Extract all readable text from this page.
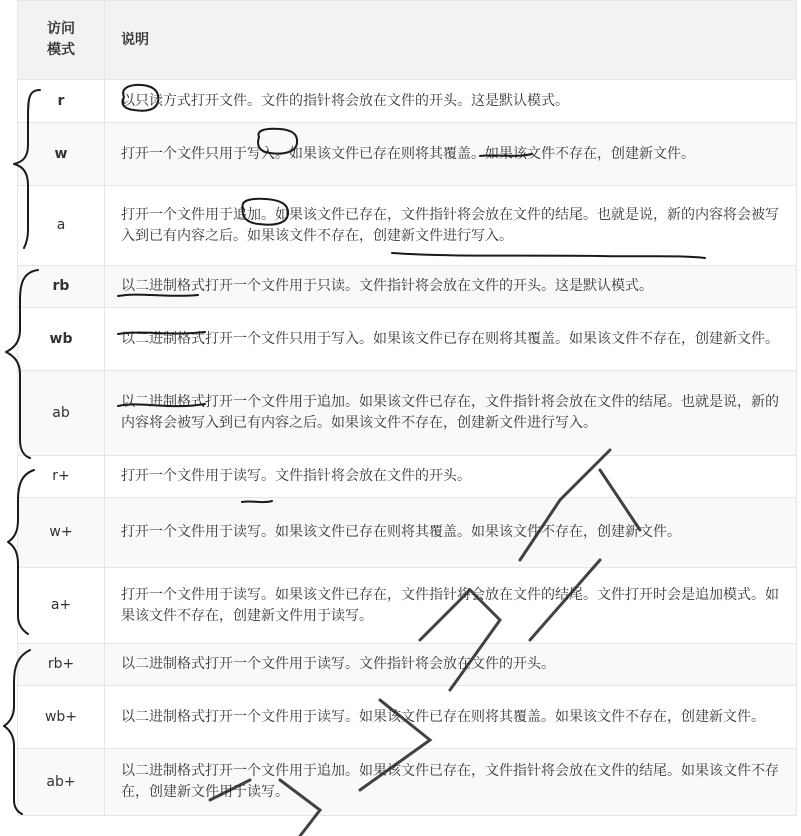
访问
模式	说明
r	以只读方式打开文件。文件的指针将会放在文件的开头。这是默认模式。
w	打开一个文件只用于写入。如果该文件已存在则将其覆盖。如果该文件不存在，创建新文件。
a	打开一个文件用于追加。如果该文件已存在，文件指针将会放在文件的结尾。也就是说，新的内容将会被写入到已有内容之后。如果该文件不存在，创建新文件进行写入。
rb	以二进制格式打开一个文件用于只读。文件指针将会放在文件的开头。这是默认模式。
wb	以二进制格式打开一个文件只用于写入。如果该文件已存在则将其覆盖。如果该文件不存在，创建新文件。
ab	以二进制格式打开一个文件用于追加。如果该文件已存在，文件指针将会放在文件的结尾。也就是说，新的内容将会被写入到已有内容之后。如果该文件不存在，创建新文件进行写入。
r+	打开一个文件用于读写。文件指针将会放在文件的开头。
w+	打开一个文件用于读写。如果该文件已存在则将其覆盖。如果该文件不存在，创建新文件。
a+	打开一个文件用于读写。如果该文件已存在，文件指针将会放在文件的结尾。文件打开时会是追加模式。如果该文件不存在，创建新文件用于读写。
rb+	以二进制格式打开一个文件用于读写。文件指针将会放在文件的开头。
wb+	以二进制格式打开一个文件用于读写。如果该文件已存在则将其覆盖。如果该文件不存在，创建新文件。
ab+	以二进制格式打开一个文件用于追加。如果该文件已存在，文件指针将会放在文件的结尾。如果该文件不存在，创建新文件用于读写。
